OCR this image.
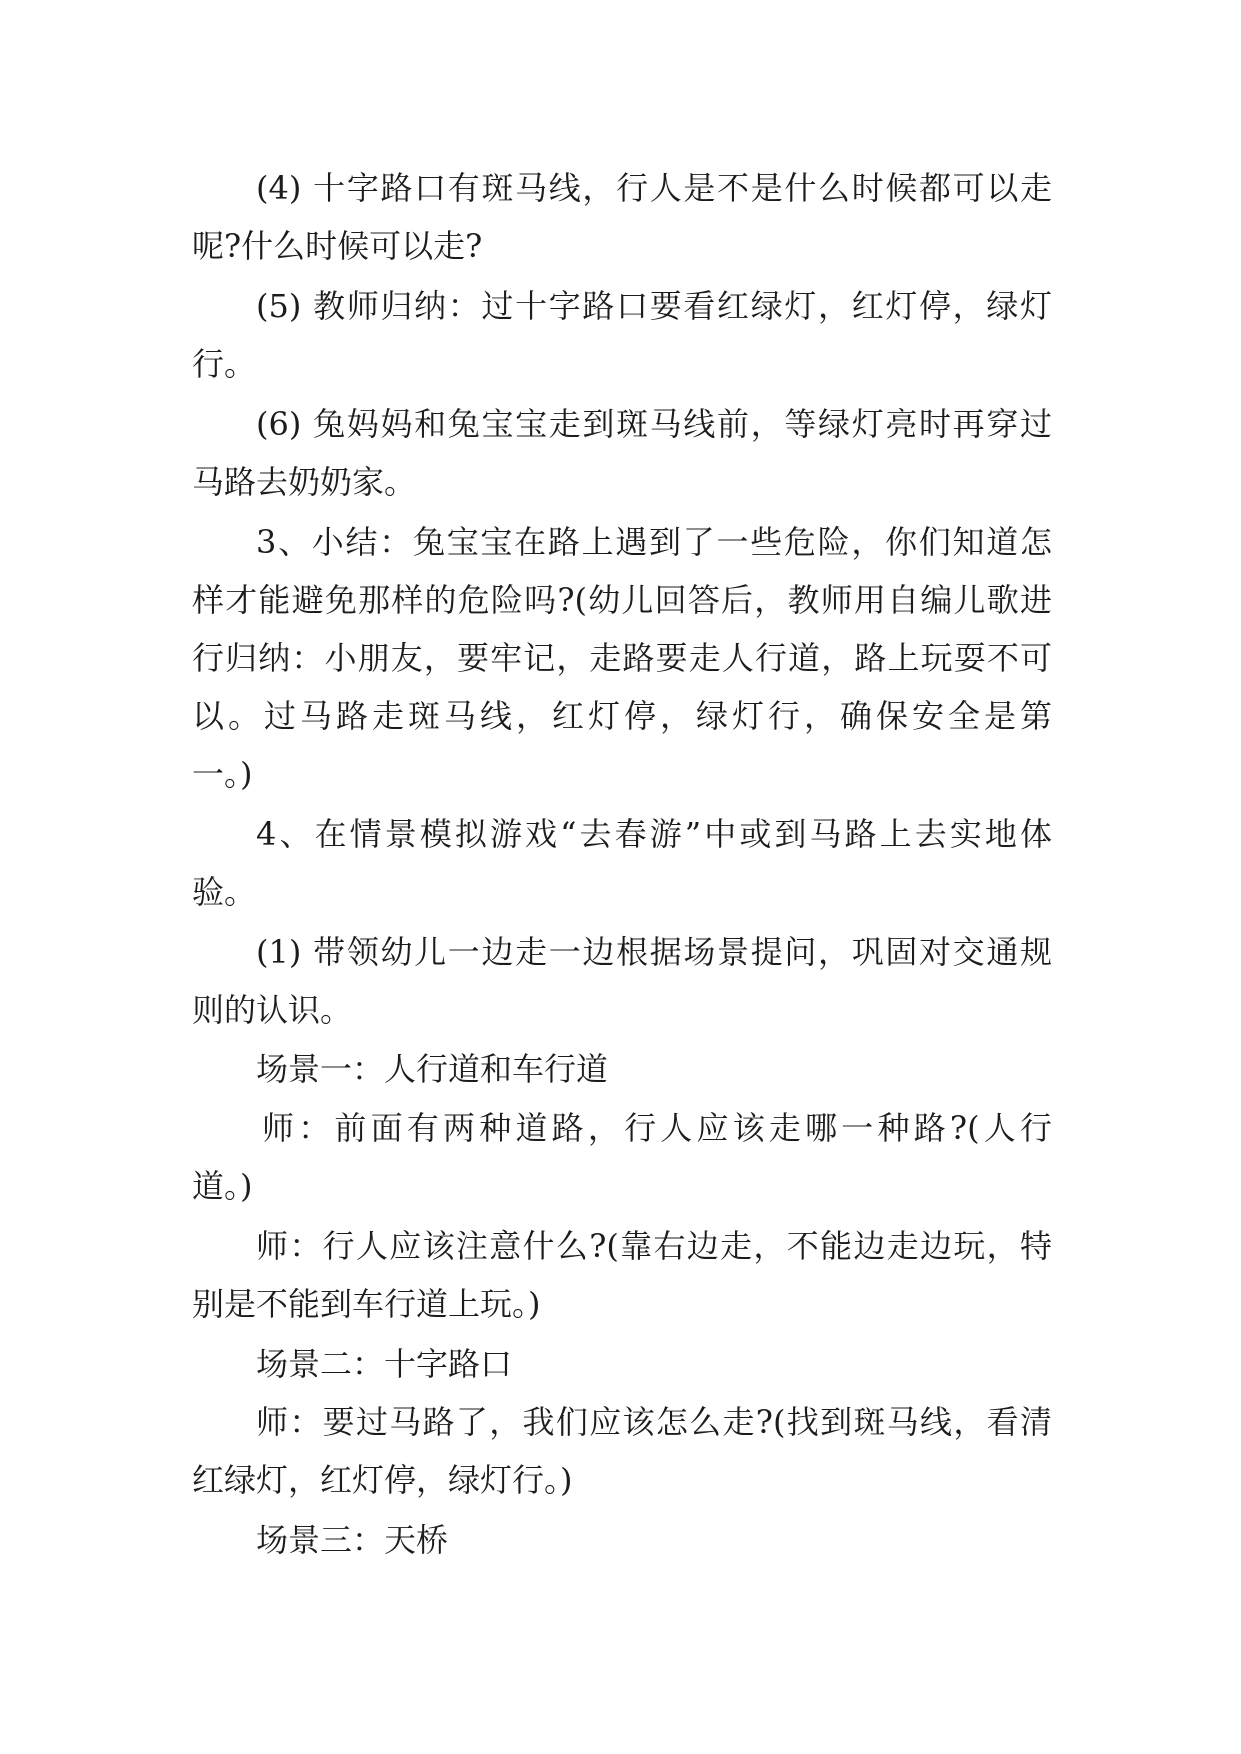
(4) 十字路口有斑马线，行人是不是什么时候都可以走
呢?什么时候可以走?
(5) 教师归纳：过十字路口要看红绿灯，红灯停，绿灯
行。
(6) 兔妈妈和兔宝宝走到斑马线前，等绿灯亮时再穿过
马路去奶奶家。
3、小结：兔宝宝在路上遇到了一些危险，你们知道怎
样才能避免那样的危险吗?(幼儿回答后，教师用自编儿歌进
行归纳：小朋友，要牢记，走路要走人行道，路上玩耍不可
以。过马路走斑马线，红灯停，绿灯行，确保安全是第
一。)
4、在情景模拟游戏“去春游”中或到马路上去实地体
验。
(1) 带领幼儿一边走一边根据场景提问，巩固对交通规
则的认识。
场景一：人行道和车行道
师：前面有两种道路，行人应该走哪一种路?(人行
道。)
师：行人应该注意什么?(靠右边走，不能边走边玩，特
别是不能到车行道上玩。)
场景二：十字路口
师：要过马路了，我们应该怎么走?(找到斑马线，看清
红绿灯，红灯停，绿灯行。)
场景三：天桥
